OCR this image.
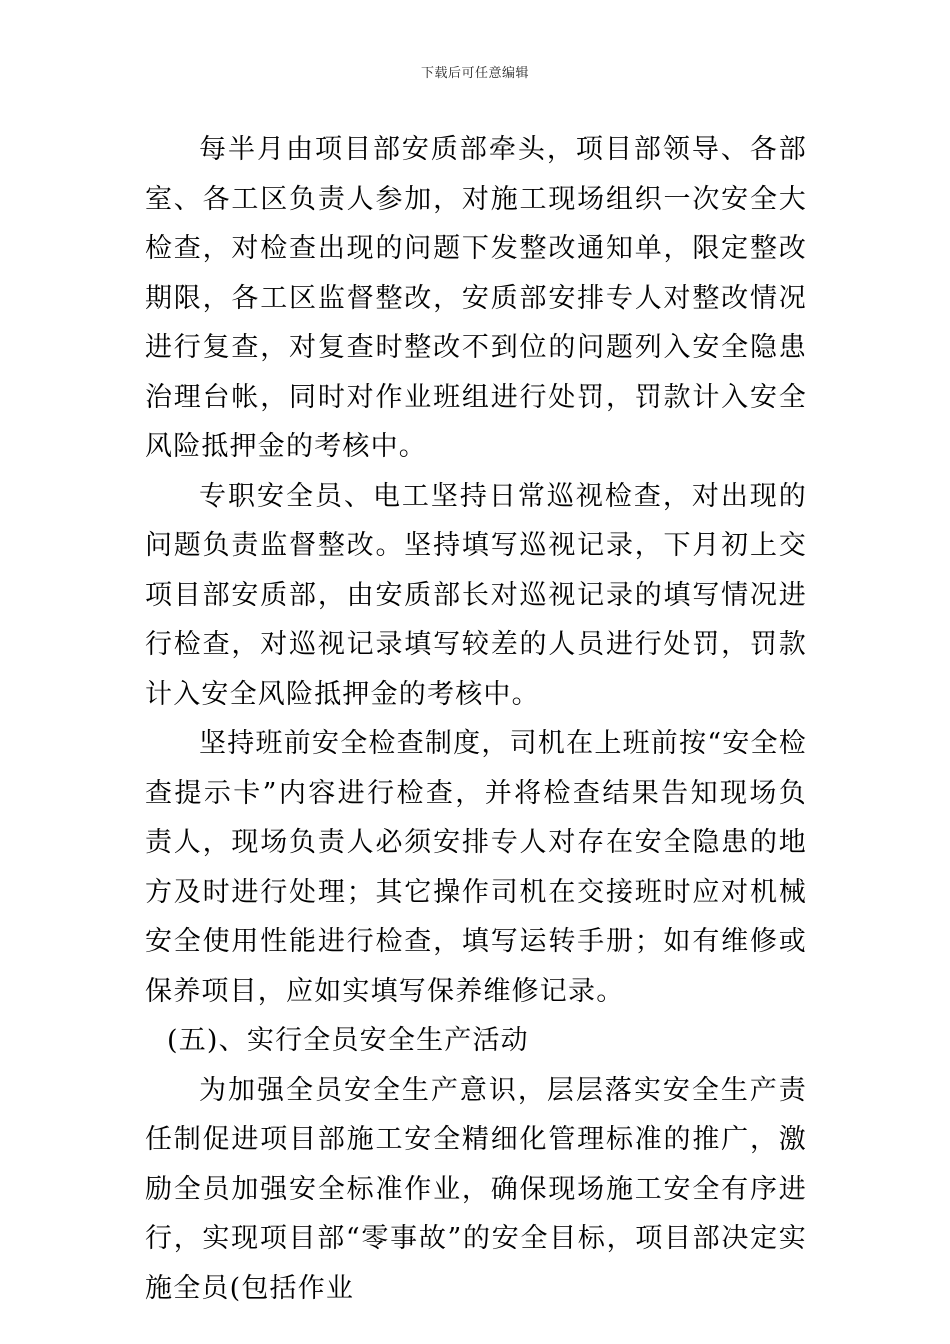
下载后可任意编辑

每半月由项目部安质部牵头，项目部领导、各部室、各工区负责人参加，对施工现场组织一次安全大检查，对检查出现的问题下发整改通知单，限定整改期限，各工区监督整改，安质部安排专人对整改情况进行复查，对复查时整改不到位的问题列入安全隐患治理台帐，同时对作业班组进行处罚，罚款计入安全风险抵押金的考核中。

专职安全员、电工坚持日常巡视检查，对出现的问题负责监督整改。坚持填写巡视记录，下月初上交项目部安质部，由安质部长对巡视记录的填写情况进行检查，对巡视记录填写较差的人员进行处罚，罚款计入安全风险抵押金的考核中。

坚持班前安全检查制度，司机在上班前按“安全检查提示卡”内容进行检查，并将检查结果告知现场负责人，现场负责人必须安排专人对存在安全隐患的地方及时进行处理；其它操作司机在交接班时应对机械安全使用性能进行检查，填写运转手册；如有维修或保养项目，应如实填写保养维修记录。

(五)、实行全员安全生产活动

为加强全员安全生产意识，层层落实安全生产责任制促进项目部施工安全精细化管理标准的推广，激励全员加强安全标准作业，确保现场施工安全有序进行，实现项目部“零事故”的安全目标，项目部决定实施全员(包括作业
